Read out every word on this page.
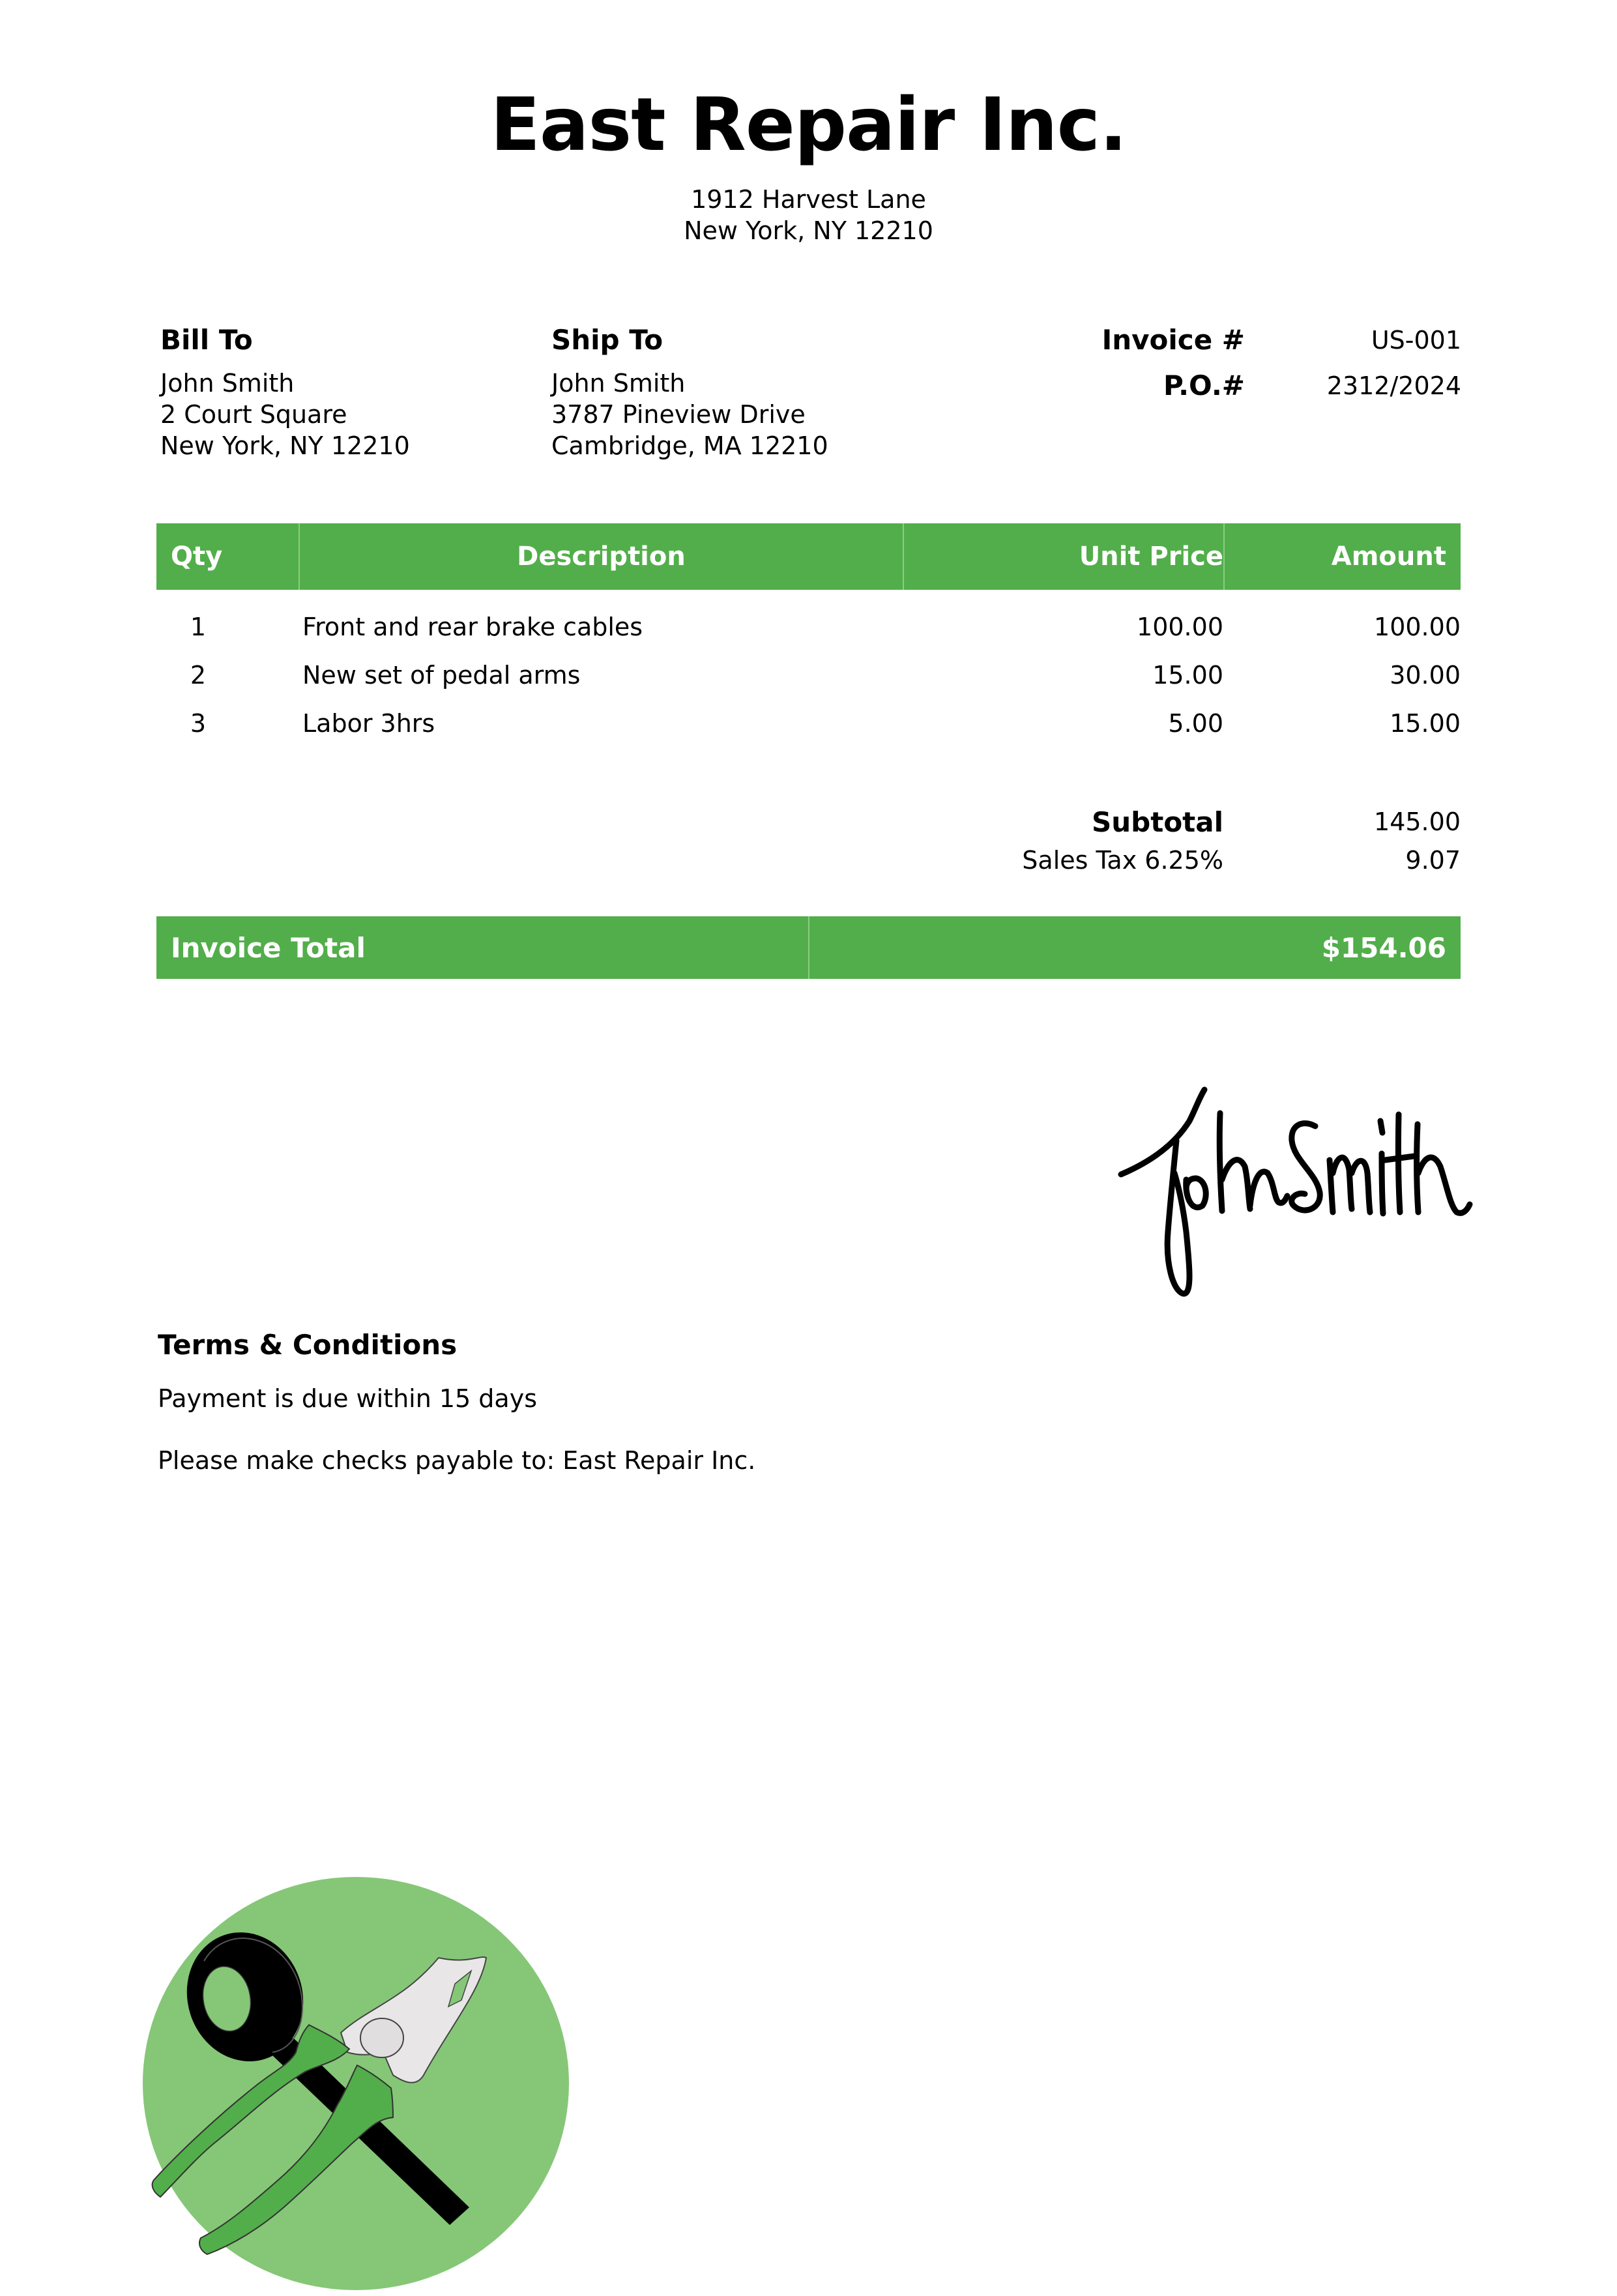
East Repair Inc.
1912 Harvest Lane
New York, NY 12210
Bill To
John Smith
2 Court Square
New York, NY 12210
Ship To
John Smith
3787 Pineview Drive
Cambridge, MA 12210
Invoice #	US-001
P.O.#	2312/2024
Qty	Description	Unit Price	Amount
1	Front and rear brake cables	100.00	100.00
2	New set of pedal arms	15.00	30.00
3	Labor 3hrs	5.00	15.00
Subtotal	145.00
Sales Tax 6.25%	9.07
Invoice Total	$154.06
Terms & Conditions
Payment is due within 15 days
Please make checks payable to: East Repair Inc.
